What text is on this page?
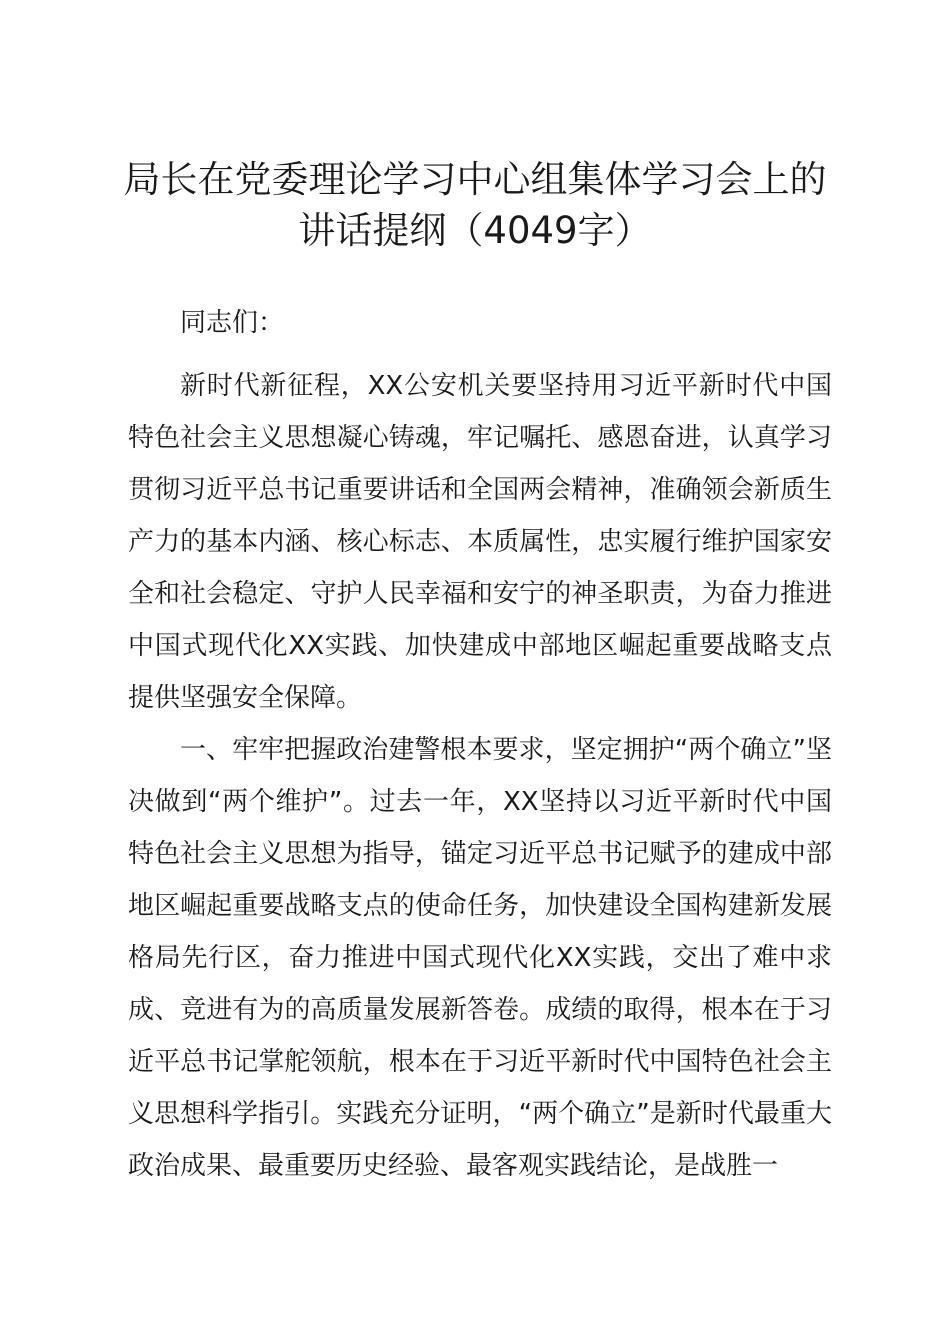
局长在党委理论学习中心组集体学习会上的讲话提纲（4049字）

同志们：

新时代新征程，XX公安机关要坚持用习近平新时代中国特色社会主义思想凝心铸魂，牢记嘱托、感恩奋进，认真学习贯彻习近平总书记重要讲话和全国两会精神，准确领会新质生产力的基本内涵、核心标志、本质属性，忠实履行维护国家安全和社会稳定、守护人民幸福和安宁的神圣职责，为奋力推进中国式现代化XX实践、加快建成中部地区崛起重要战略支点提供坚强安全保障。

一、牢牢把握政治建警根本要求，坚定拥护“两个确立”坚决做到“两个维护”。过去一年，XX坚持以习近平新时代中国特色社会主义思想为指导，锚定习近平总书记赋予的建成中部地区崛起重要战略支点的使命任务，加快建设全国构建新发展格局先行区，奋力推进中国式现代化XX实践，交出了难中求成、竞进有为的高质量发展新答卷。成绩的取得，根本在于习近平总书记掌舵领航，根本在于习近平新时代中国特色社会主义思想科学指引。实践充分证明，“两个确立”是新时代最重大政治成果、最重要历史经验、最客观实践结论，是战胜一
